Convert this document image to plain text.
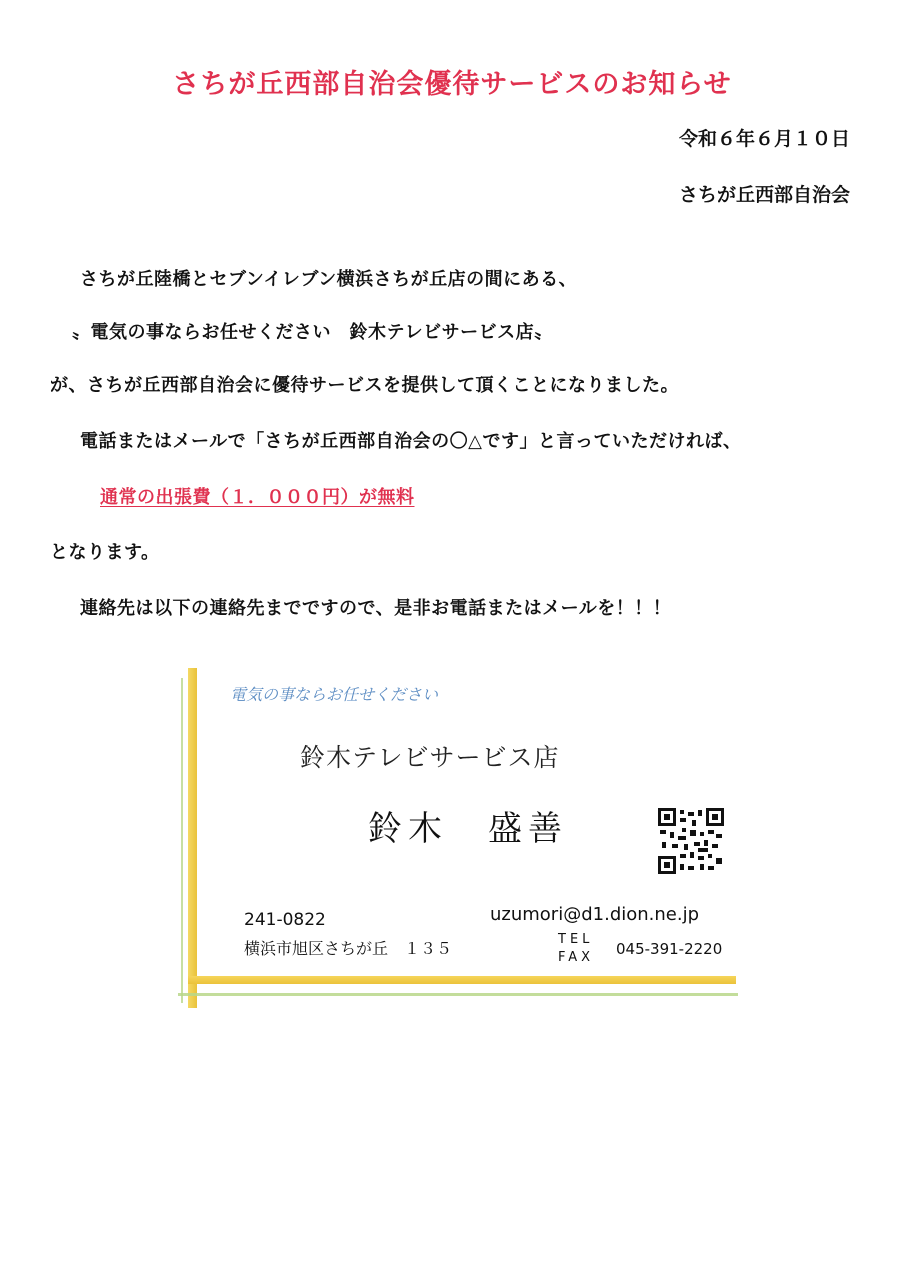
さちが丘西部自治会優待サービスのお知らせ
令和６年６月１０日
さちが丘西部自治会
さちが丘陸橋とセブンイレブン横浜さちが丘店の間にある、
〟電気の事ならお任せください　鈴木テレビサービス店〟
が、さちが丘西部自治会に優待サービスを提供して頂くことになりました。
電話またはメールで「さちが丘西部自治会の〇△です」と言っていただければ、
通常の出張費（１．０００円）が無料
となります。
連絡先は以下の連絡先までですので、是非お電話またはメールを！！！
電気の事ならお任せください
鈴木テレビサービス店
鈴木　盛善
241-0822
横浜市旭区さちが丘　１３５
uzumori@d1.dion.ne.jp
TEL
FAX 045-391-2220
